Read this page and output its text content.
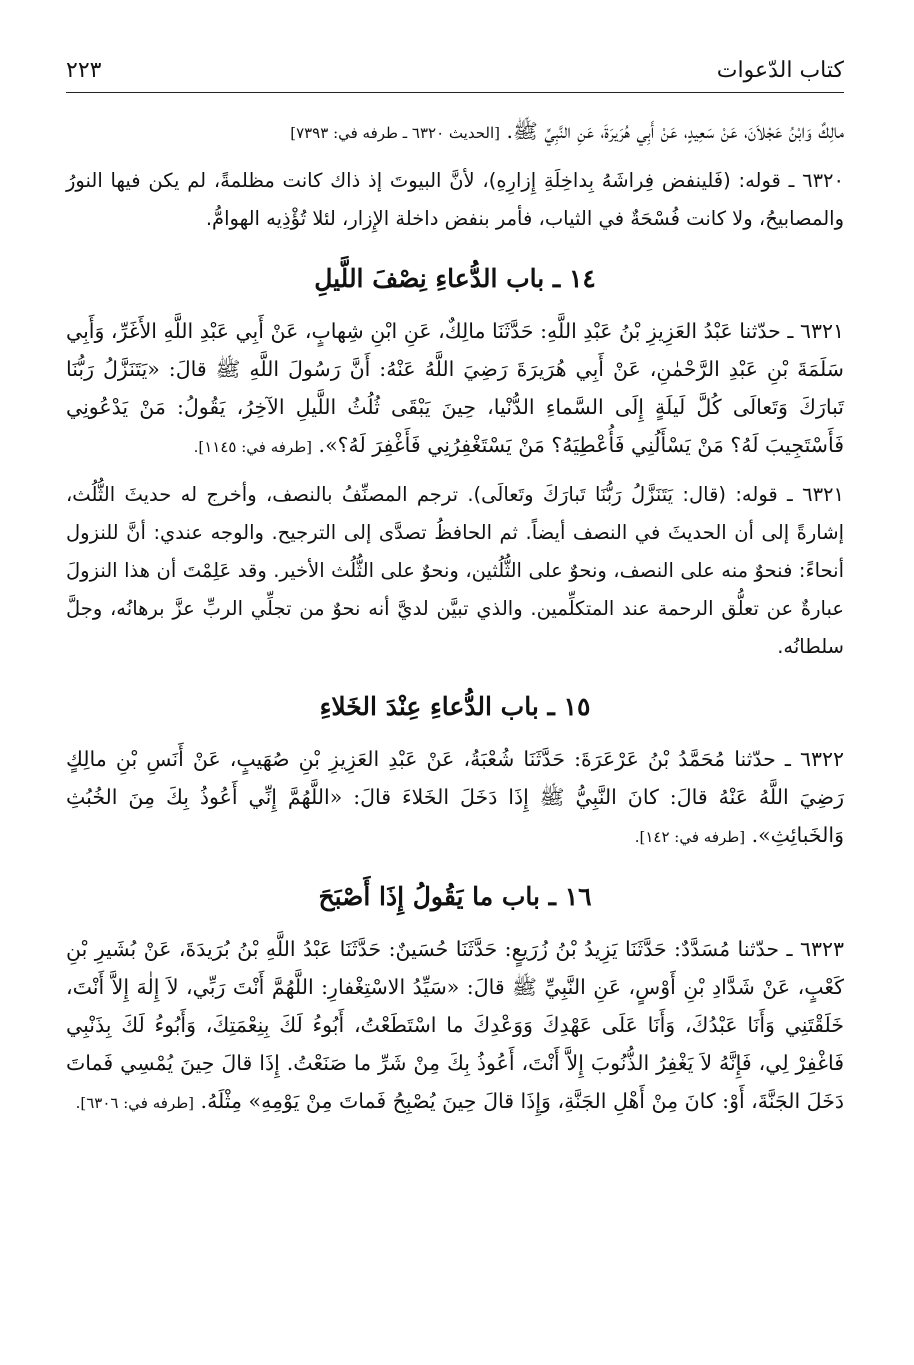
كتاب الدّعوات
٢٢٣

مالِكٌ وَابْنُ عَجْلاَنَ، عَنْ سَعِيدٍ، عَنْ أَبِي هُرَيرَةَ، عَنِ النَّبِيِّ ﷺ. [الحديث ٦٣٢٠ ـ طرفه في: ٧٣٩٣]

٦٣٢٠ ـ قوله: (فَلينفض فِراشَهُ بِداخِلَةِ إِزارِهِ)، لأنَّ البيوتَ إذ ذاك كانت مظلمةً، لم يكن فيها النورُ والمصابيحُ، ولا كانت فُسْحَةٌ في الثياب، فأمر بنفض داخلة الإِزار، لئلا تُؤْذِيه الهوامُّ.

١٤ ـ باب الدُّعاءِ نِصْفَ اللَّيلِ

٦٣٢١ ـ حدّثنا عَبْدُ العَزِيزِ بْنُ عَبْدِ اللَّهِ: حَدَّثَنَا مالِكٌ، عَنِ ابْنِ شِهابٍ، عَنْ أَبِي عَبْدِ اللَّهِ الأَغَرِّ، وَأَبِي سَلَمَةَ بْنِ عَبْدِ الرَّحْمٰنِ، عَنْ أَبِي هُرَيرَةَ رَضِيَ اللَّهُ عَنْهُ: أَنَّ رَسُولَ اللَّهِ ﷺ قالَ: «يَتَنَزَّلُ رَبُّنَا تَبارَكَ وَتَعالَى كُلَّ لَيلَةٍ إِلَى السَّماءِ الدُّنْيا، حِينَ يَبْقَى ثُلُثُ اللَّيلِ الآخِرُ، يَقُولُ: مَنْ يَدْعُونِي فَأَسْتَجِيبَ لَهُ؟ مَنْ يَسْأَلُنِي فَأُعْطِيَهُ؟ مَنْ يَسْتَغْفِرُنِي فَأَغْفِرَ لَهُ؟». [طرفه في: ١١٤٥].

٦٣٢١ ـ قوله: (قال: يَتَنَزَّلُ رَبُّنَا تَبارَكَ وتَعالَى). ترجم المصنِّفُ بالنصف، وأخرج له حديثَ الثُّلُث، إشارةً إلى أن الحديثَ في النصف أيضاً. ثم الحافظُ تصدَّى إلى الترجيح. والوجه عندي: أنَّ للنزول أنحاءً: فنحوٌ منه على النصف، ونحوٌ على الثُّلُثين، ونحوٌ على الثُّلُث الأخير. وقد عَلِمْتَ أن هذا النزولَ عبارةٌ عن تعلُّق الرحمة عند المتكلِّمين. والذي تبيَّن لديَّ أنه نحوٌ من تجلِّي الربِّ عزَّ برهانُه، وجلَّ سلطانُه.

١٥ ـ باب الدُّعاءِ عِنْدَ الخَلاءِ

٦٣٢٢ ـ حدّثنا مُحَمَّدُ بْنُ عَرْعَرَةَ: حَدَّثَنَا شُعْبَةُ، عَنْ عَبْدِ العَزِيزِ بْنِ صُهَيبٍ، عَنْ أَنَسِ بْنِ مالِكٍ رَضِيَ اللَّهُ عَنْهُ قالَ: كانَ النَّبِيُّ ﷺ إِذَا دَخَلَ الخَلاءَ قالَ: «اللَّهُمَّ إِنِّي أَعُوذُ بِكَ مِنَ الخُبُثِ وَالخَبائِثِ». [طرفه في: ١٤٢].

١٦ ـ باب ما يَقُولُ إِذَا أَصْبَحَ

٦٣٢٣ ـ حدّثنا مُسَدَّدٌ: حَدَّثَنَا يَزِيدُ بْنُ زُرَيعٍ: حَدَّثَنَا حُسَينٌ: حَدَّثَنَا عَبْدُ اللَّهِ بْنُ بُرَيدَةَ، عَنْ بُشَيرِ بْنِ كَعْبٍ، عَنْ شَدَّادِ بْنِ أَوْسٍ، عَنِ النَّبِيِّ ﷺ قالَ: «سَيِّدُ الاسْتِغْفارِ: اللَّهُمَّ أَنْتَ رَبِّي، لاَ إِلٰهَ إِلاَّ أَنْتَ، خَلَقْتَنِي وَأَنَا عَبْدُكَ، وَأَنَا عَلَى عَهْدِكَ وَوَعْدِكَ ما اسْتَطَعْتُ، أَبُوءُ لَكَ بِنِعْمَتِكَ، وَأَبُوءُ لَكَ بِذَنْبِي فَاغْفِرْ لِي، فَإِنَّهُ لاَ يَغْفِرُ الذُّنُوبَ إِلاَّ أَنْتَ، أَعُوذُ بِكَ مِنْ شَرِّ ما صَنَعْتُ. إِذَا قالَ حِينَ يُمْسِي فَماتَ دَخَلَ الجَنَّةَ، أَوْ: كانَ مِنْ أَهْلِ الجَنَّةِ، وَإِذَا قالَ حِينَ يُصْبِحُ فَماتَ مِنْ يَوْمِهِ» مِثْلَهُ. [طرفه في: ٦٣٠٦].
